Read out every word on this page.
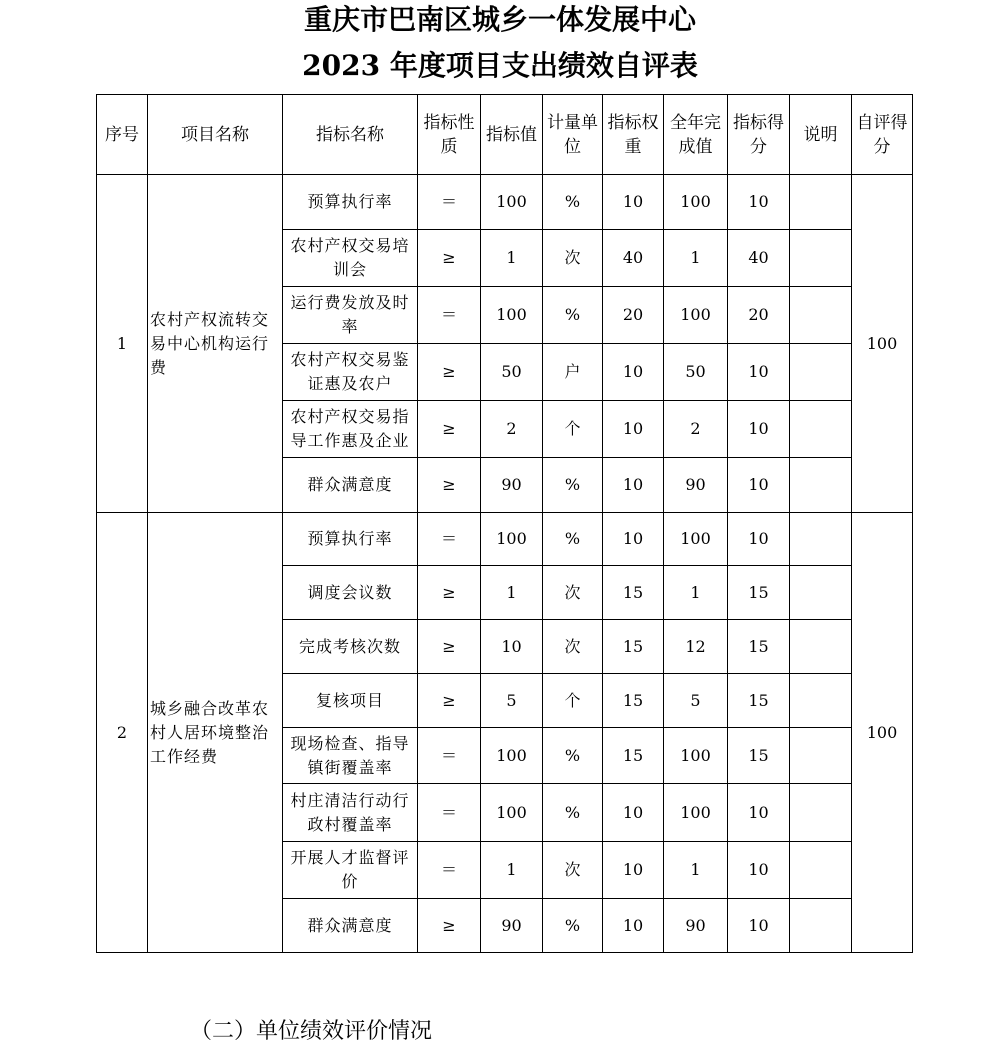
重庆市巴南区城乡一体发展中心
2023 年度项目支出绩效自评表
序号	项目名称	指标名称	指标性质	指标值	计量单位	指标权重	全年完成值	指标得分	说明	自评得分
1	农村产权流转交易中心机构运行费	预算执行率	＝	100	%	10	100	10		100
		农村产权交易培训会	≥	1	次	40	1	40		
		运行费发放及时率	＝	100	%	20	100	20		
		农村产权交易鉴证惠及农户	≥	50	户	10	50	10		
		农村产权交易指导工作惠及企业	≥	2	个	10	2	10		
		群众满意度	≥	90	%	10	90	10		
2	城乡融合改革农村人居环境整治工作经费	预算执行率	＝	100	%	10	100	10		100
		调度会议数	≥	1	次	15	1	15		
		完成考核次数	≥	10	次	15	12	15		
		复核项目	≥	5	个	15	5	15		
		现场检查、指导镇街覆盖率	＝	100	%	15	100	15		
		村庄清洁行动行政村覆盖率	＝	100	%	10	100	10		
		开展人才监督评价	＝	1	次	10	1	10		
		群众满意度	≥	90	%	10	90	10		
（二）单位绩效评价情况
